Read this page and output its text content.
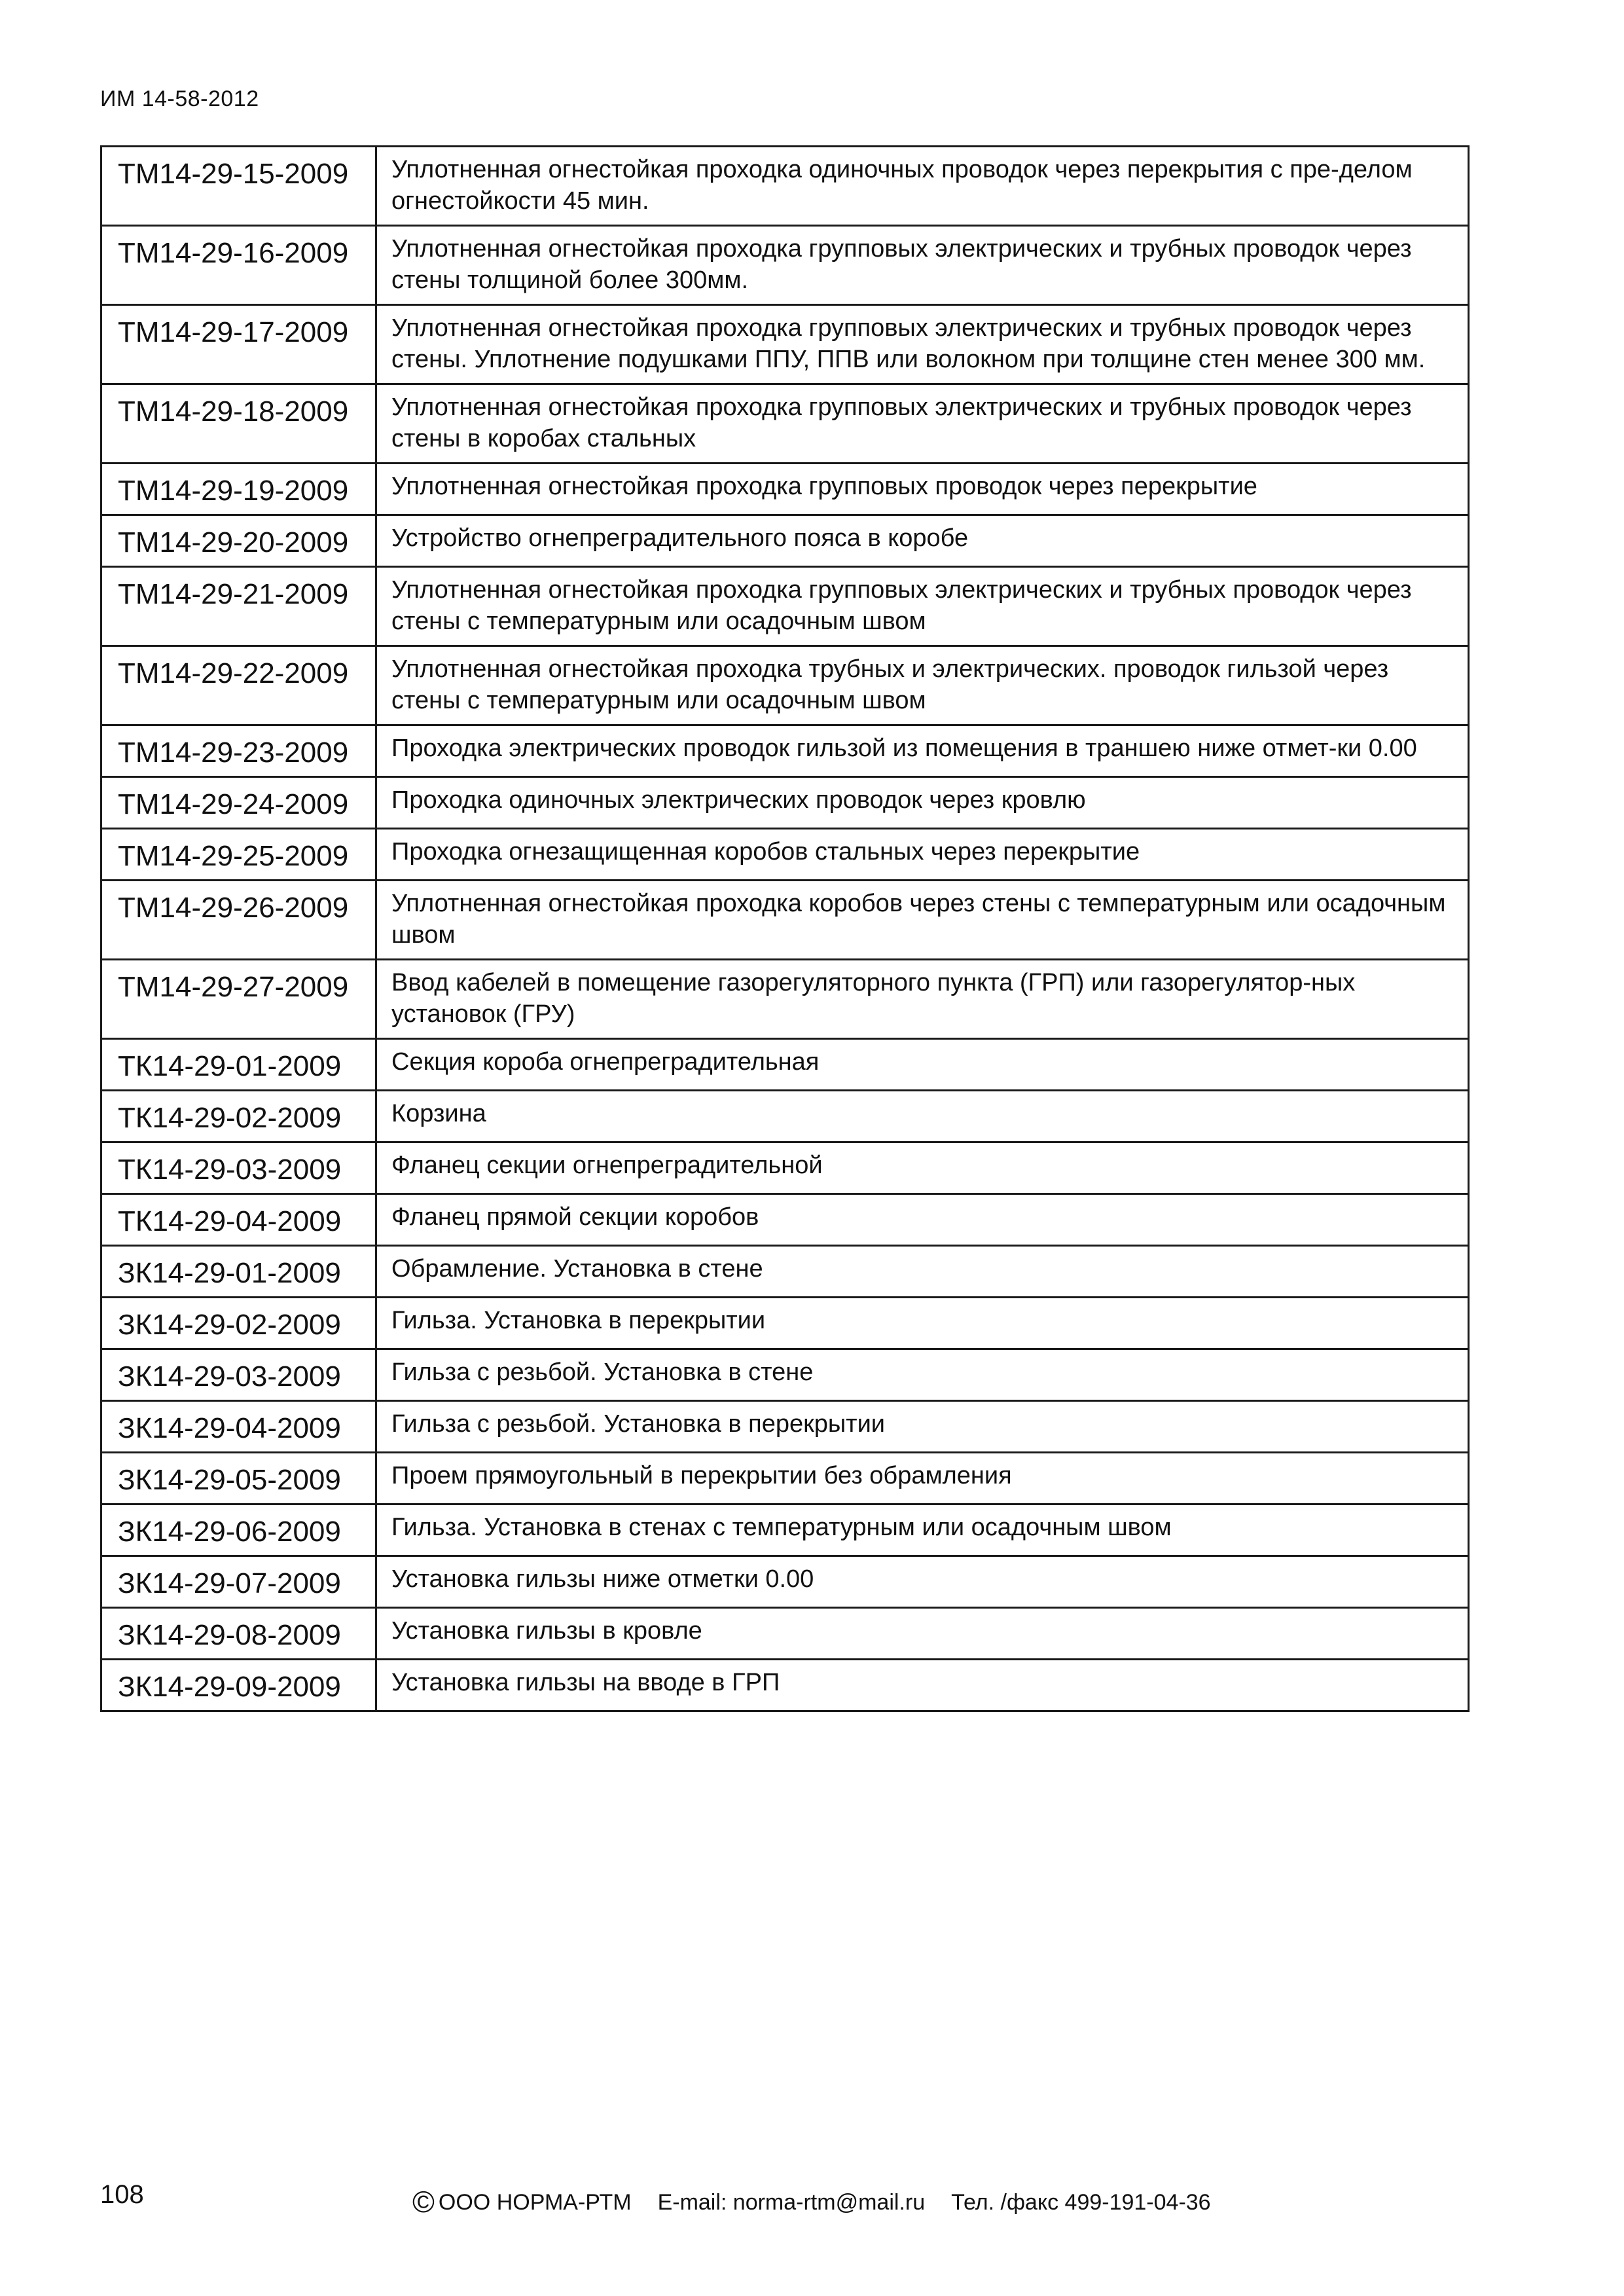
ИМ 14-58-2012
ТМ14-29-15-2009	Уплотненная огнестойкая проходка одиночных проводок через перекрытия с пре-делом огнестойкости 45 мин.
ТМ14-29-16-2009	Уплотненная огнестойкая проходка групповых электрических и трубных проводок через стены толщиной более 300мм.
ТМ14-29-17-2009	Уплотненная огнестойкая проходка групповых электрических и трубных проводок через стены. Уплотнение подушками ППУ, ППВ или волокном при толщине стен менее 300 мм.
ТМ14-29-18-2009	Уплотненная огнестойкая проходка групповых электрических и трубных проводок через стены в коробах стальных
ТМ14-29-19-2009	Уплотненная огнестойкая проходка групповых проводок через перекрытие
ТМ14-29-20-2009	Устройство огнепреградительного пояса в коробе
ТМ14-29-21-2009	Уплотненная огнестойкая проходка групповых электрических и трубных проводок через стены с температурным или осадочным швом
ТМ14-29-22-2009	Уплотненная огнестойкая проходка трубных и электрических. проводок гильзой через стены с температурным или осадочным швом
ТМ14-29-23-2009	Проходка электрических проводок гильзой из помещения в траншею ниже отмет-ки 0.00
ТМ14-29-24-2009	Проходка одиночных электрических проводок через кровлю
ТМ14-29-25-2009	Проходка огнезащищенная коробов стальных через перекрытие
ТМ14-29-26-2009	Уплотненная огнестойкая проходка коробов через стены с температурным или осадочным швом
ТМ14-29-27-2009	Ввод кабелей в помещение газорегуляторного пункта (ГРП) или газорегулятор-ных установок (ГРУ)
ТК14-29-01-2009	Секция короба огнепреградительная
ТК14-29-02-2009	Корзина
ТК14-29-03-2009	Фланец секции огнепреградительной
ТК14-29-04-2009	Фланец прямой секции коробов
ЗК14-29-01-2009	Обрамление. Установка в стене
ЗК14-29-02-2009	Гильза. Установка в перекрытии
ЗК14-29-03-2009	Гильза с резьбой. Установка в стене
ЗК14-29-04-2009	Гильза с резьбой. Установка в перекрытии
ЗК14-29-05-2009	Проем прямоугольный в перекрытии без обрамления
ЗК14-29-06-2009	Гильза. Установка в стенах с температурным или осадочным швом
ЗК14-29-07-2009	Установка гильзы ниже отметки 0.00
ЗК14-29-08-2009	Установка гильзы в кровле
ЗК14-29-09-2009	Установка гильзы на вводе в ГРП
108	© ООО НОРМА-РТМ E-mail: norma-rtm@mail.ru Тел. /факс 499-191-04-36
